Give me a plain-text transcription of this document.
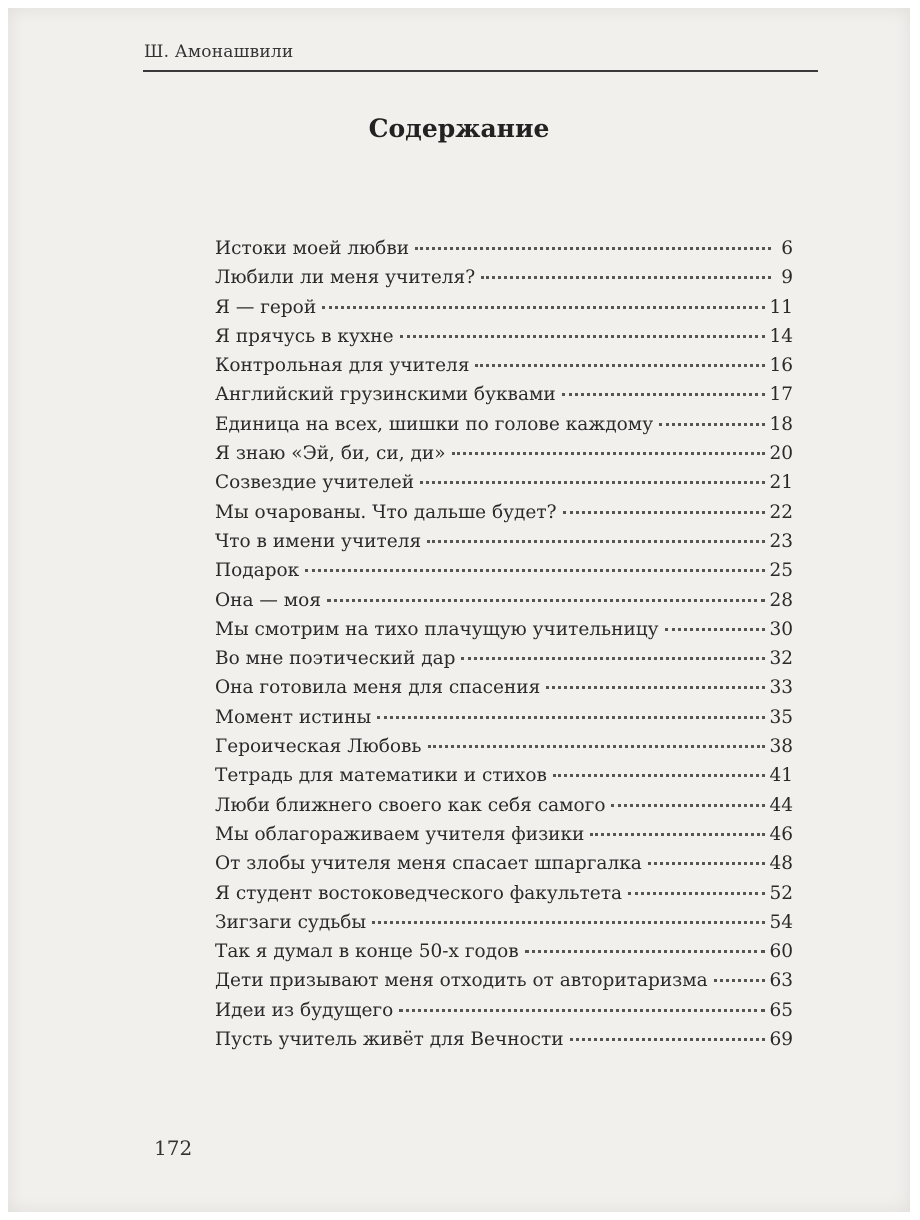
Ш. Амонашвили
Содержание
Истоки моей любви	6
Любили ли меня учителя?	9
Я — герой	11
Я прячусь в кухне	14
Контрольная для учителя	16
Английский грузинскими буквами	17
Единица на всех, шишки по голове каждому	18
Я знаю «Эй, би, си, ди»	20
Созвездие учителей	21
Мы очарованы. Что дальше будет?	22
Что в имени учителя	23
Подарок	25
Она — моя	28
Мы смотрим на тихо плачущую учительницу	30
Во мне поэтический дар	32
Она готовила меня для спасения	33
Момент истины	35
Героическая Любовь	38
Тетрадь для математики и стихов	41
Люби ближнего своего как себя самого	44
Мы облагораживаем учителя физики	46
От злобы учителя меня спасает шпаргалка	48
Я студент востоковедческого факультета	52
Зигзаги судьбы	54
Так я думал в конце 50-х годов	60
Дети призывают меня отходить от авторитаризма	63
Идеи из будущего	65
Пусть учитель живёт для Вечности	69
172
